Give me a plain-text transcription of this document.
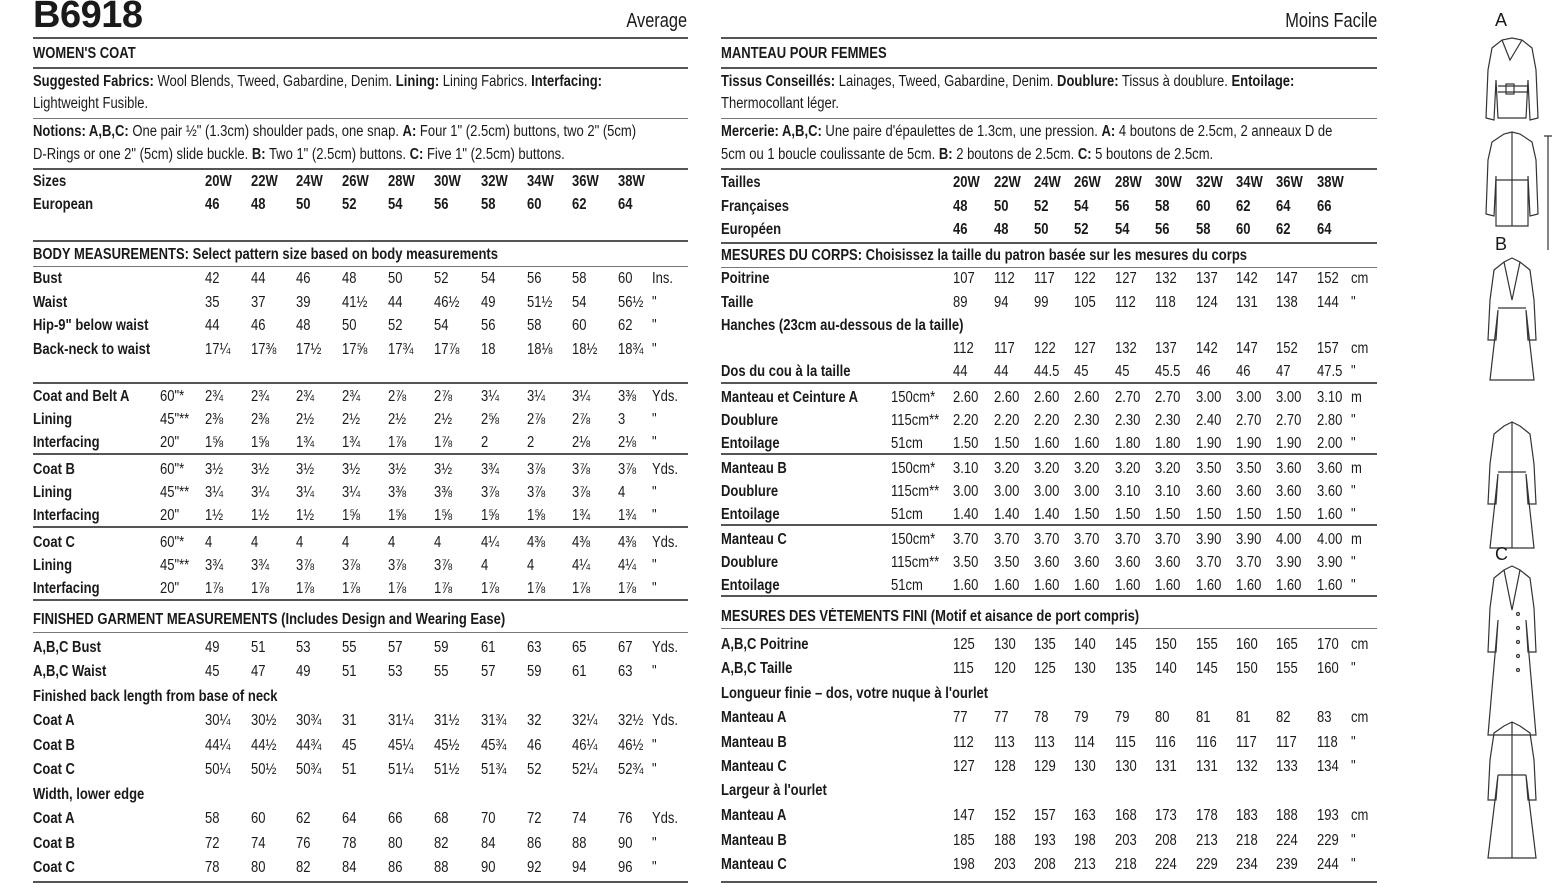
B6918	Average
WOMEN'S COAT
Suggested Fabrics: Wool Blends, Tweed, Gabardine, Denim. Lining: Lining Fabrics. Interfacing:
Lightweight Fusible.
Notions: A,B,C: One pair ½" (1.3cm) shoulder pads, one snap. A: Four 1" (2.5cm) buttons, two 2" (5cm)
D-Rings or one 2" (5cm) slide buckle. B: Two 1" (2.5cm) buttons. C: Five 1" (2.5cm) buttons.
Sizes	20W 22W 24W 26W 28W 30W 32W 34W 36W 38W
European	46 48 50 52 54 56 58 60 62 64
BODY MEASUREMENTS: Select pattern size based on body measurements
Bust	42 44 46 48 50 52 54 56 58 60 Ins.
Waist	35 37 39 41½ 44 46½ 49 51½ 54 56½ "
Hip-9" below waist	44 46 48 50 52 54 56 58 60 62 "
Back-neck to waist	17¼ 17⅜ 17½ 17⅝ 17¾ 17⅞ 18 18⅛ 18½ 18¾ "
Coat and Belt A 60"* 2¾ 2¾ 2¾ 2¾ 2⅞ 2⅞ 3¼ 3¼ 3¼ 3⅜ Yds.
Lining	45"** 2⅜ 2⅜ 2½ 2½ 2½ 2½ 2⅝ 2⅞ 2⅞ 3 "
Interfacing	20" 1⅝ 1⅝ 1¾ 1¾ 1⅞ 1⅞ 2	2 2⅛ 2⅛ "
Coat B	60"* 3½ 3½ 3½ 3½ 3½ 3½ 3¾ 3⅞ 3⅞ 3⅞ Yds.
Lining	45"** 3¼ 3¼ 3¼ 3¼ 3⅜ 3⅜ 3⅞ 3⅞ 3⅞ 4 "
Interfacing	20" 1½ 1½ 1½ 1⅝ 1⅝ 1⅝ 1⅝ 1⅝ 1¾ 1¾ "
Coat C	60"* 4	4 4	4	4	4	4¼ 4⅜ 4⅜ 4⅜ Yds.
Lining	45"** 3¾ 3¾ 3⅞ 3⅞ 3⅞ 3⅞ 4	4 4¼ 4¼ "
Interfacing	20" 1⅞ 1⅞ 1⅞ 1⅞ 1⅞ 1⅞ 1⅞ 1⅞ 1⅞ 1⅞ "
FINISHED GARMENT MEASUREMENTS (Includes Design and Wearing Ease)
A,B,C Bust	49 51 53 55 57 59 61 63 65 67 Yds.
A,B,C Waist	45 47 49 51 53 55 57 59 61 63 "
Finished back length from base of neck
Coat A	30¼ 30½ 30¾ 31 31¼ 31½ 31¾ 32 32¼ 32½ Yds.
Coat B	44¼ 44½ 44¾ 45 45¼ 45½ 45¾ 46 46¼ 46½ "
Coat C	50¼ 50½ 50¾ 51 51¼ 51½ 51¾ 52 52¼ 52¾ "
Width, lower edge
Coat A	58 60 62 64 66 68 70 72 74 76 Yds.
Coat B	72 74 76 78 80 82 84 86 88 90 "
Coat C	78 80 82 84 86 88 90 92 94 96 "
Moins Facile
MANTEAU POUR FEMMES
Tissus Conseillés: Lainages, Tweed, Gabardine, Denim. Doublure: Tissus à doublure. Entoilage:
Thermocollant léger.
Mercerie: A,B,C: Une paire d'épaulettes de 1.3cm, une pression. A: 4 boutons de 2.5cm, 2 anneaux D de
5cm ou 1 boucle coulissante de 5cm. B: 2 boutons de 2.5cm. C: 5 boutons de 2.5cm.
Tailles	20W 22W 24W 26W 28W 30W 32W 34W 36W 38W
Françaises	48 50 52 54 56 58 60 62 64 66
Européen	46 48 50 52 54 56 58 60 62 64
MESURES DU CORPS: Choisissez la taille du patron basée sur les mesures du corps
Poitrine	107 112 117 122 127 132 137 142 147 152 cm
Taille	89 94 99 105 112 118 124 131 138 144 "
Hanches (23cm au-dessous de la taille)
112 117 122 127 132 137 142 147 152 157 cm
Dos du cou à la taille	44 44 44.5 45 45 45.5 46 46 47 47.5 "
Manteau et Ceinture A 150cm* 2.60 2.60 2.60 2.60 2.70 2.70 3.00 3.00 3.00 3.10 m
Doublure	115cm** 2.20 2.20 2.20 2.30 2.30 2.30 2.40 2.70 2.70 2.80 "
Entoilage	51cm 1.50 1.50 1.60 1.60 1.80 1.80 1.90 1.90 1.90 2.00 "
Manteau B	150cm* 3.10 3.20 3.20 3.20 3.20 3.20 3.50 3.50 3.60 3.60 m
Doublure	115cm** 3.00 3.00 3.00 3.00 3.10 3.10 3.60 3.60 3.60 3.60 "
Entoilage	51cm 1.40 1.40 1.40 1.50 1.50 1.50 1.50 1.50 1.50 1.60 "
Manteau C	150cm* 3.70 3.70 3.70 3.70 3.70 3.70 3.90 3.90 4.00 4.00 m
Doublure	115cm** 3.50 3.50 3.60 3.60 3.60 3.60 3.70 3.70 3.90 3.90 "
Entoilage	51cm 1.60 1.60 1.60 1.60 1.60 1.60 1.60 1.60 1.60 1.60 "
MESURES DES VÉTEMENTS FINI (Motif et aisance de port compris)
A,B,C Poitrine	125 130 135 140 145 150 155 160 165 170 cm
A,B,C Taille	115 120 125 130 135 140 145 150 155 160 "
Longueur finie – dos, votre nuque à l'ourlet
Manteau A	77 77 78 79 79 80 81 81 82 83 cm
Manteau B	112 113 113 114 115 116 116 117 117 118 "
Manteau C	127 128 129 130 130 131 131 132 133 134 "
Largeur à l'ourlet
Manteau A	147 152 157 163 168 173 178 183 188 193 cm
Manteau B	185 188 193 198 203 208 213 218 224 229 "
Manteau C	198 203 208 213 218 224 229 234 239 244 "
A
B
C
